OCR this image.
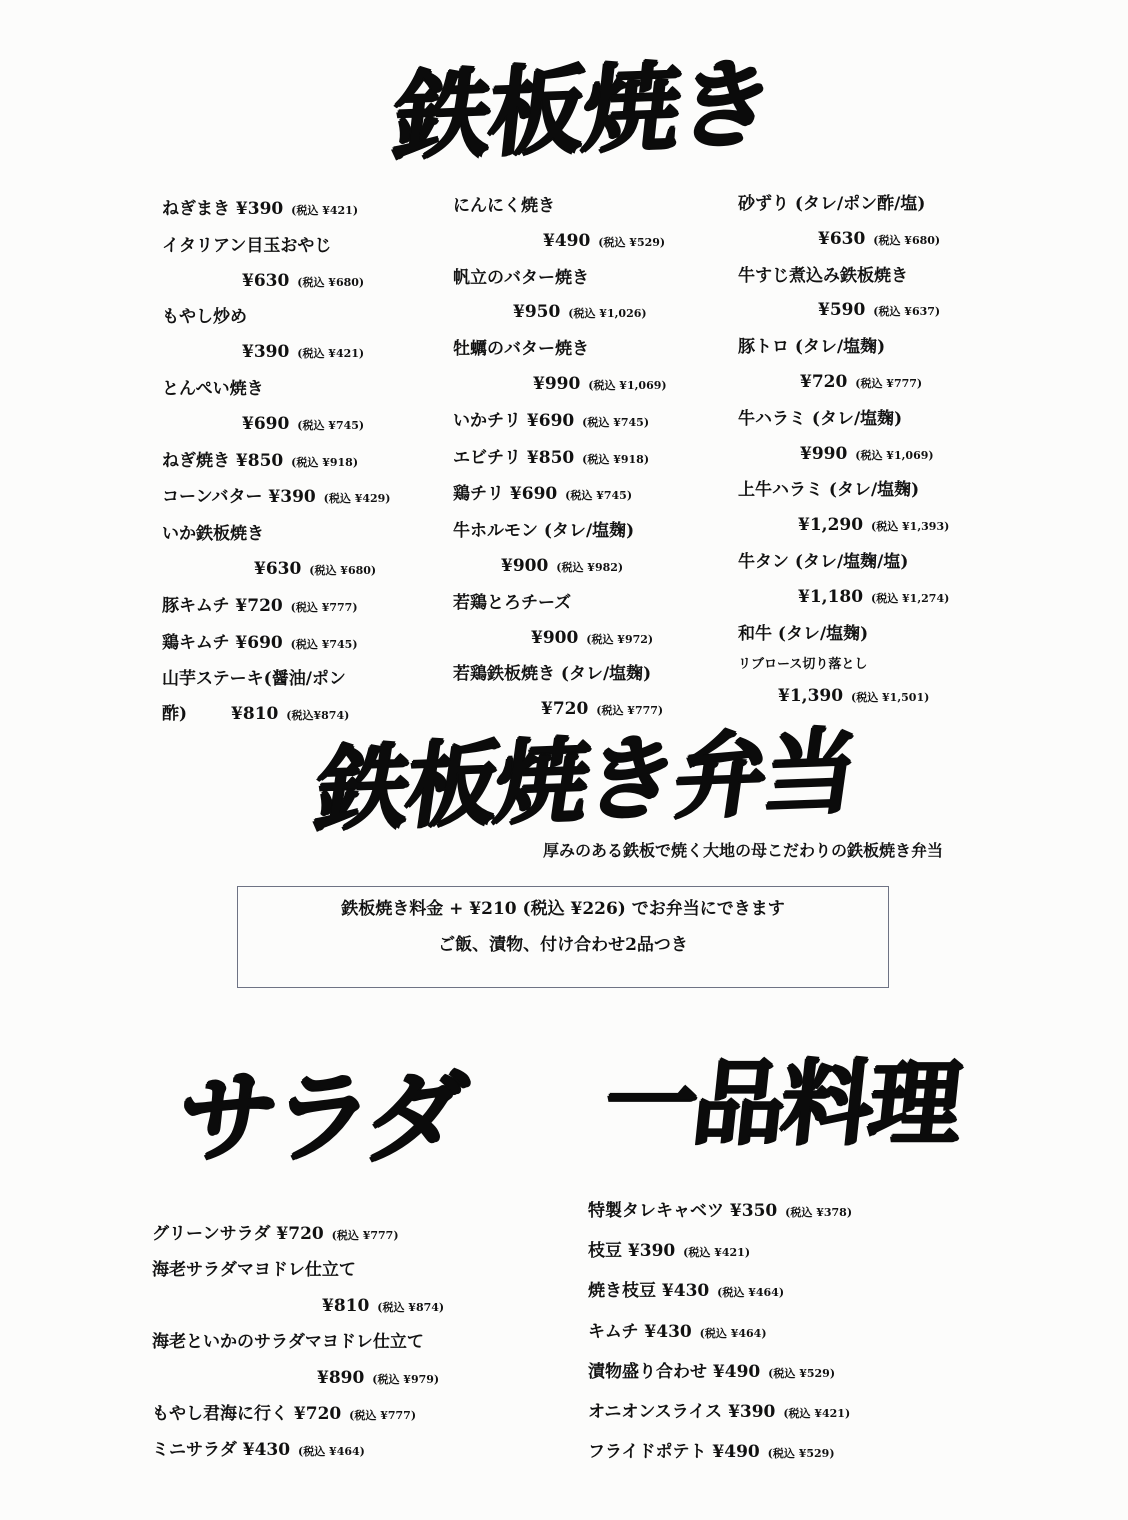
鉄板焼き
ねぎまき ¥390 (税込 ¥421)
イタリアン目玉おやじ
¥630 (税込 ¥680)
もやし炒め
¥390 (税込 ¥421)
とんぺい焼き
¥690 (税込 ¥745)
ねぎ焼き ¥850 (税込 ¥918)
コーンバター ¥390 (税込 ¥429)
いか鉄板焼き
¥630 (税込 ¥680)
豚キムチ ¥720 (税込 ¥777)
鶏キムチ ¥690 (税込 ¥745)
山芋ステーキ(醤油/ポン
酢)	¥810 (税込¥874)
にんにく焼き
¥490 (税込 ¥529)
帆立のバター焼き
¥950 (税込 ¥1,026)
牡蠣のバター焼き
¥990 (税込 ¥1,069)
いかチリ ¥690 (税込 ¥745)
エビチリ ¥850 (税込 ¥918)
鶏チリ ¥690 (税込 ¥745)
牛ホルモン (タレ/塩麹)
¥900 (税込 ¥982)
若鶏とろチーズ
¥900 (税込 ¥972)
若鶏鉄板焼き (タレ/塩麹)
¥720 (税込 ¥777)
砂ずり (タレ/ポン酢/塩)
¥630 (税込 ¥680)
牛すじ煮込み鉄板焼き
¥590 (税込 ¥637)
豚トロ (タレ/塩麹)
¥720 (税込 ¥777)
牛ハラミ (タレ/塩麹)
¥990 (税込 ¥1,069)
上牛ハラミ (タレ/塩麹)
¥1,290 (税込 ¥1,393)
牛タン (タレ/塩麹/塩)
¥1,180 (税込 ¥1,274)
和牛 (タレ/塩麹)
リブロース切り落とし
¥1,390 (税込 ¥1,501)
鉄板焼き弁当
厚みのある鉄板で焼く大地の母こだわりの鉄板焼き弁当
鉄板焼き料金 + ¥210 (税込 ¥226) でお弁当にできます
ご飯、漬物、付け合わせ2品つき
サラダ
グリーンサラダ ¥720 (税込 ¥777)
海老サラダマヨドレ仕立て
¥810 (税込 ¥874)
海老といかのサラダマヨドレ仕立て
¥890 (税込 ¥979)
もやし君海に行く ¥720 (税込 ¥777)
ミニサラダ ¥430 (税込 ¥464)
一品料理
特製タレキャベツ ¥350 (税込 ¥378)
枝豆 ¥390 (税込 ¥421)
焼き枝豆 ¥430 (税込 ¥464)
キムチ ¥430 (税込 ¥464)
漬物盛り合わせ ¥490 (税込 ¥529)
オニオンスライス ¥390 (税込 ¥421)
フライドポテト ¥490 (税込 ¥529)
